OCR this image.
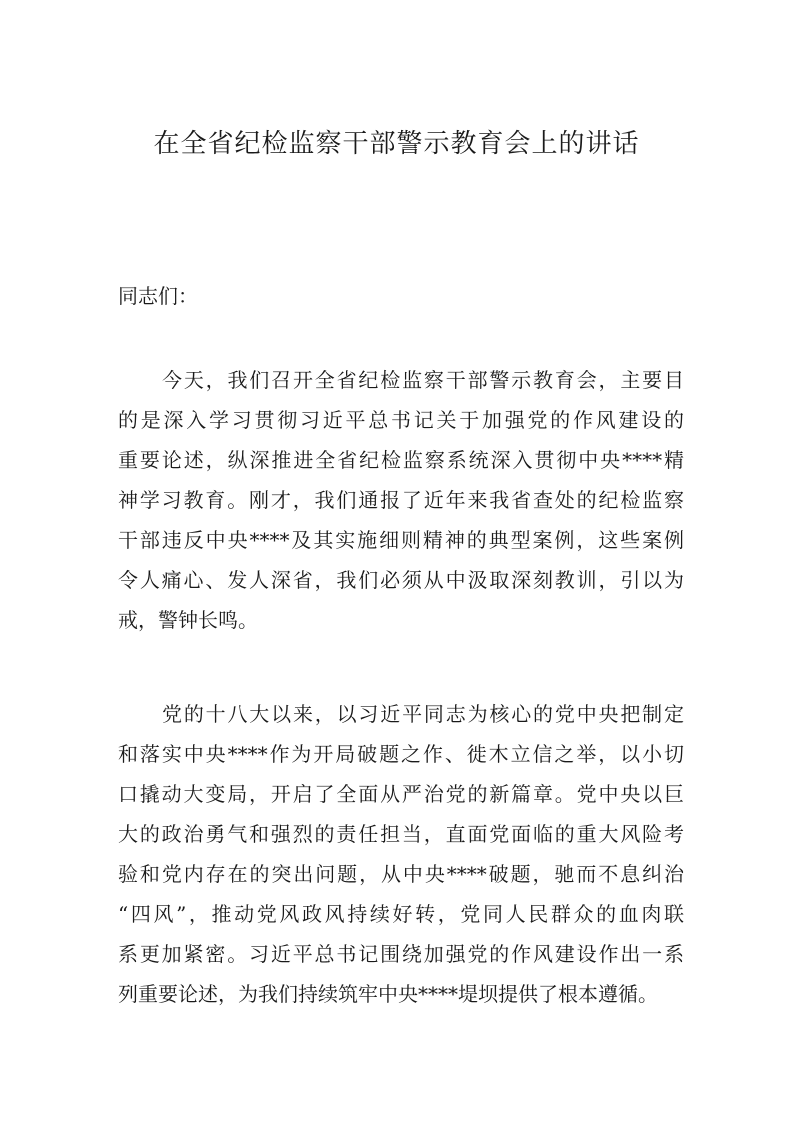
在全省纪检监察干部警示教育会上的讲话
同志们：
今天，我们召开全省纪检监察干部警示教育会，主要目
的是深入学习贯彻习近平总书记关于加强党的作风建设的
重要论述，纵深推进全省纪检监察系统深入贯彻中央****精
神学习教育。刚才，我们通报了近年来我省查处的纪检监察
干部违反中央****及其实施细则精神的典型案例，这些案例
令人痛心、发人深省，我们必须从中汲取深刻教训，引以为
戒，警钟长鸣。
党的十八大以来，以习近平同志为核心的党中央把制定
和落实中央****作为开局破题之作、徙木立信之举，以小切
口撬动大变局，开启了全面从严治党的新篇章。党中央以巨
大的政治勇气和强烈的责任担当，直面党面临的重大风险考
验和党内存在的突出问题，从中央****破题，驰而不息纠治
“四风”，推动党风政风持续好转，党同人民群众的血肉联
系更加紧密。习近平总书记围绕加强党的作风建设作出一系
列重要论述，为我们持续筑牢中央****堤坝提供了根本遵循。
